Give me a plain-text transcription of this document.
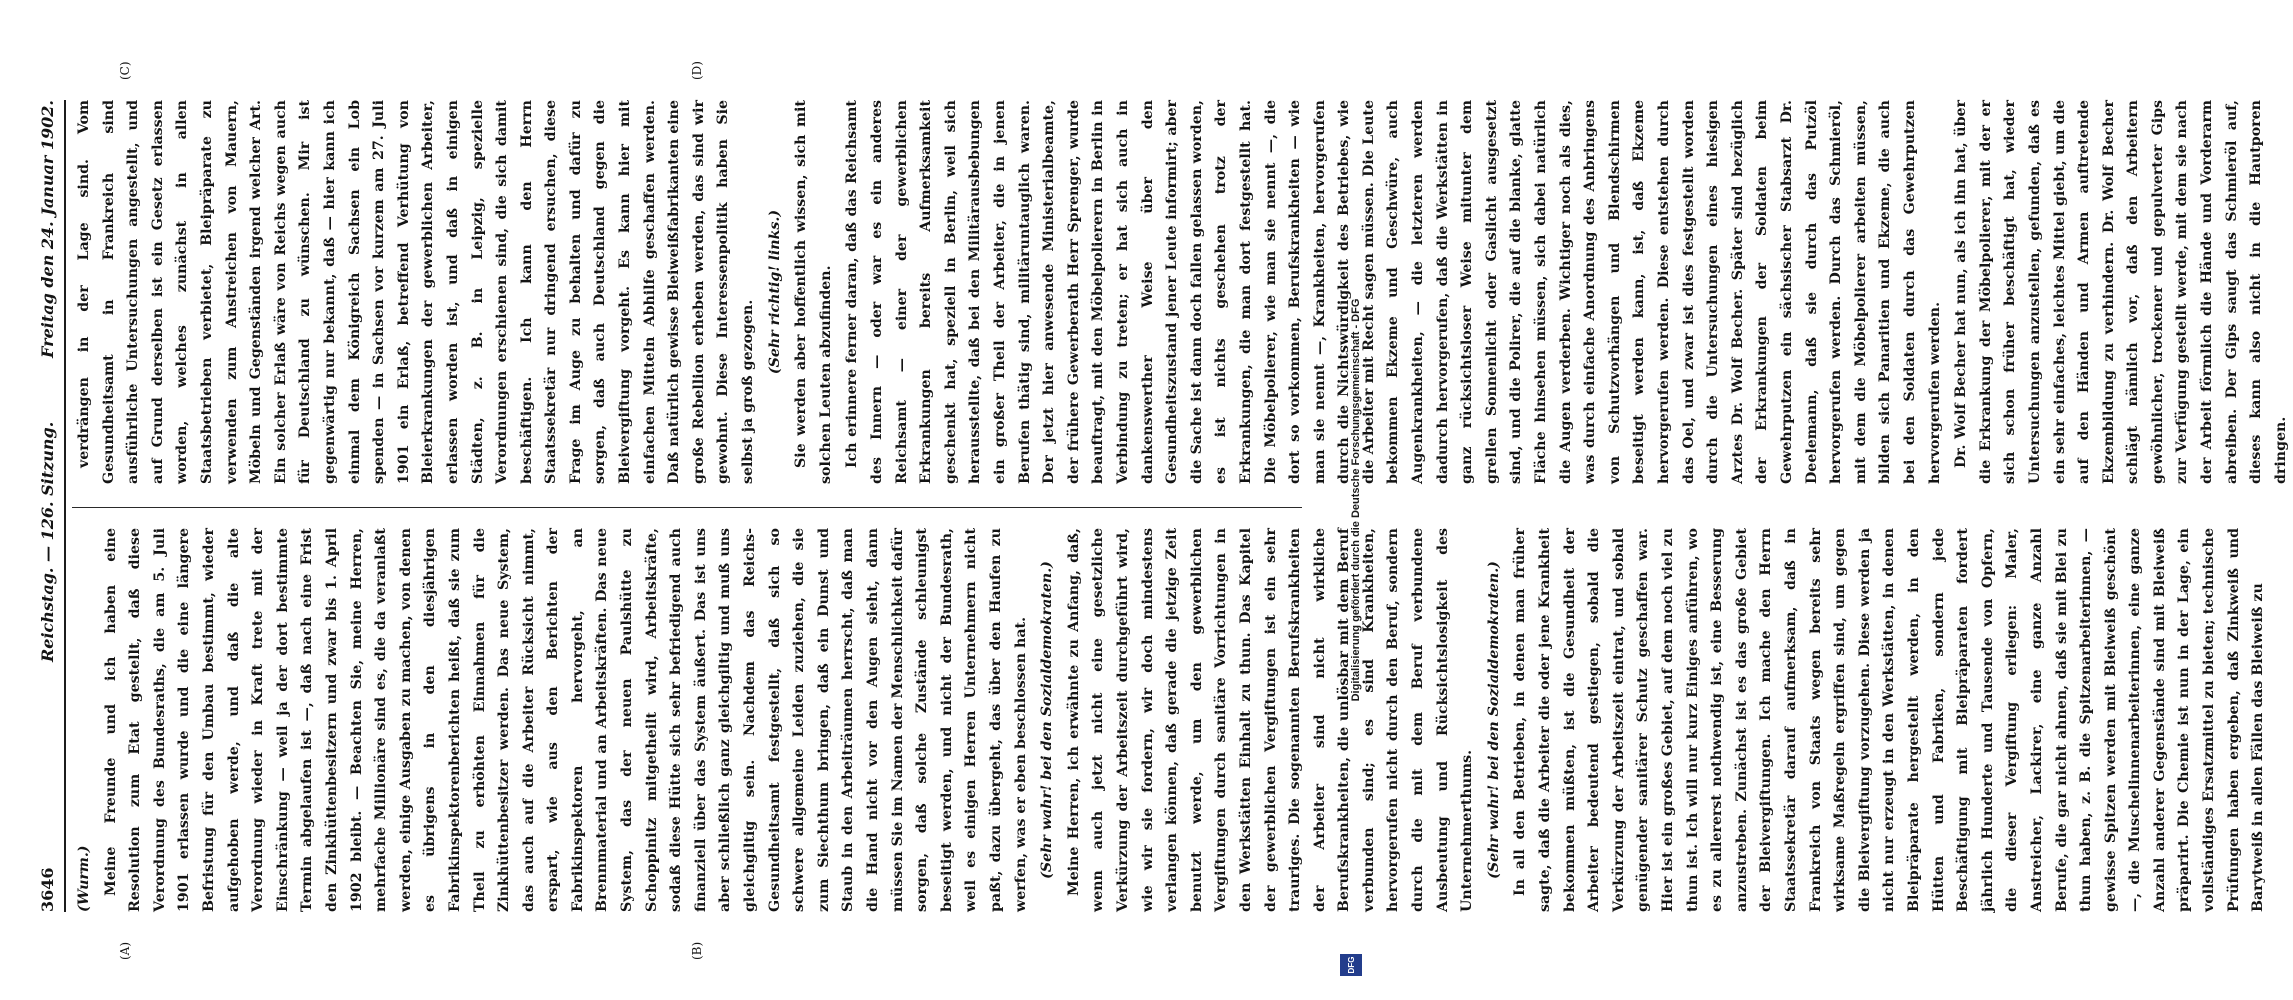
3646
Reichstag. — 126. Sitzung.
Freitag den 24. Januar 1902.
(A)	(B)
(C)	(D)

(Wurm.) Meine Freunde und ich haben eine Resolution zum Etat gestellt, daß diese Verordnung des Bundesraths, die am 5. Juli 1901 erlassen wurde und die eine längere Befristung für den Umbau bestimmt, wieder aufgehoben werde, und daß die alte Verordnung wieder in Kraft trete mit der Einschränkung — weil ja der dort bestimmte Termin abgelaufen ist —, daß nach eine Frist den Zinkhüttenbesitzern und zwar bis 1. April 1902 bleibt. — Beachten Sie, meine Herren, mehrfache Millionäre sind es, die da veranlaßt werden, einige Ausgaben zu machen, von denen es übrigens in den diesjährigen Fabrikinspektorenberichten heißt, daß sie zum Theil zu erhöhten Einnahmen für die Zinkhüttenbesitzer werden. Das neue System, das auch auf die Arbeiter Rücksicht nimmt, erspart, wie aus den Berichten der Fabrikinspektoren hervorgeht, an Brennmaterial und an Arbeitskräften. Das neue System, das der neuen Paulshütte zu Schoppinitz mitgetheilt wird, Arbeitskräfte, sodaß diese Hütte sich sehr befriedigend auch finanziell über das System äußert. Das ist uns aber schließlich ganz gleichgiltig und muß uns gleichgiltig sein. Nachdem das Reichs-Gesundheitsamt festgestellt, daß sich so schwere allgemeine Leiden zuziehen, die sie zum Siechthum bringen, daß ein Dunst und Staub in den Arbeiträumen herrscht, daß man die Hand nicht vor den Augen sieht, dann müssen Sie im Namen der Menschlichkeit dafür sorgen, daß solche Zustände schleunigst beseitigt werden, und nicht der Bundesrath, weil es einigen Herren Unternehmern nicht paßt, dazu übergeht, das über den Haufen zu werfen, was er eben beschlossen hat. (Sehr wahr! bei den Sozialdemokraten.) Meine Herren, ich erwähnte zu Anfang, daß, wenn auch jetzt nicht eine gesetzliche Verkürzung der Arbeitszeit durchgeführt wird, wie wir sie fordern, wir doch mindestens verlangen können, daß gerade die jetzige Zeit benutzt werde, um den gewerblichen Vergiftungen durch sanitäre Vorrichtungen in den Werkstätten Einhalt zu thun. Das Kapitel der gewerblichen Vergiftungen ist ein sehr trauriges. Die sogenannten Berufskrankheiten der Arbeiter sind nicht wirkliche Berufskrankheiten, die unlösbar mit dem Beruf verbunden sind; es sind Krankheiten, hervorgerufen nicht durch den Beruf, sondern durch die mit dem Beruf verbundene Ausbeutung und Rücksichtslosigkeit des Unternehmerthums. (Sehr wahr! bei den Sozialdemokraten.) In all den Betrieben, in denen man früher sagte, daß die Arbeiter die oder jene Krankheit bekommen müßten, ist die Gesundheit der Arbeiter bedeutend gestiegen, sobald die Verkürzung der Arbeitszeit eintrat, und sobald genügender sanitärer Schutz geschaffen war. Hier ist ein großes Gebiet, auf dem noch viel zu thun ist. Ich will nur kurz Einiges anführen, wo es zu allererst nothwendig ist, eine Besserung anzustreben. Zunächst ist es das große Gebiet der Bleivergiftungen. Ich mache den Herrn Staatssekretär darauf aufmerksam, daß in Frankreich von Staats wegen bereits sehr wirksame Maßregeln ergriffen sind, um gegen die Bleivergiftung vorzugehen. Diese werden ja nicht nur erzeugt in den Werkstätten, in denen Bleipräparate hergestellt werden, in den Hütten und Fabriken, sondern jede Beschäftigung mit Bleipräparaten fordert jährlich Hunderte und Tausende von Opfern, die dieser Vergiftung erliegen: Maler, Anstreicher, Lackirer, eine ganze Anzahl Berufe, die gar nicht ahnen, daß sie mit Blei zu thun haben, z. B. die Spitzenarbeiterinnen, — gewisse Spitzen werden mit Bleiweiß geschönt —, die Muschelinnenarbeiterinnen, eine ganze Anzahl anderer Gegenstände sind mit Bleiweiß präparirt. Die Chemie ist nun in der Lage, ein vollständiges Ersatzmittel zu bieten; technische Prüfungen haben ergeben, daß Zinkweiß und Barytweiß in allen Fällen das Bleiweiß zu

verdrängen in der Lage sind. Vom Gesundheitsamt in Frankreich sind ausführliche Untersuchungen angestellt, und auf Grund derselben ist ein Gesetz erlassen worden, welches zunächst in allen Staatsbetrieben verbietet, Bleipräparate zu verwenden zum Anstreichen von Mauern, Möbeln und Gegenständen irgend welcher Art. Ein solcher Erlaß wäre von Reichs wegen auch für Deutschland zu wünschen. Mir ist gegenwärtig nur bekannt, daß — hier kann ich einmal dem Königreich Sachsen ein Lob spenden — in Sachsen vor kurzem am 27. Juli 1901 ein Erlaß, betreffend Verhütung von Bleierkrankungen der gewerblichen Arbeiter, erlassen worden ist, und daß in einigen Städten, z. B. in Leipzig, spezielle Verordnungen erschienen sind, die sich damit beschäftigen. Ich kann den Herrn Staatssekretär nur dringend ersuchen, diese Frage im Auge zu behalten und dafür zu sorgen, daß auch Deutschland gegen die Bleivergiftung vorgeht. Es kann hier mit einfachen Mitteln Abhilfe geschaffen werden. Daß natürlich gewisse Bleiweißfabrikanten eine große Rebellion erheben werden, das sind wir gewohnt. Diese Interessenpolitik haben Sie selbst ja groß gezogen.

(Sehr richtig! links.) Sie werden aber hoffentlich wissen, sich mit solchen Leuten abzufinden. Ich erinnere ferner daran, daß das Reichsamt des Innern — oder war es ein anderes Reichsamt — einer der gewerblichen Erkrankungen bereits Aufmerksamkeit geschenkt hat, speziell in Berlin, weil sich herausstellte, daß bei den Militärausbebungen ein großer Theil der Arbeiter, die in jenen Berufen thätig sind, militäruntauglich waren. Der jetzt hier anwesende Ministerialbeamte, der frühere Gewerberath Herr Sprenger, wurde beauftragt, mit den Möbelpolierern in Berlin in Verbindung zu treten; er hat sich auch in dankenswerther Weise über den Gesundheitszustand jener Leute informirt; aber die Sache ist dann doch fallen gelassen worden, es ist nichts geschehen trotz der Erkrankungen, die man dort festgestellt hat. Die Möbelpolierer, wie man sie nennt —, die dort so vorkommen, Berufskrankheiten — wie man sie nennt —, Krankheiten, hervorgerufen durch die Nichtswürdigkeit des Betriebes, wie die Arbeiter mit Recht sagen müssen. Die Leute bekommen Ekzeme und Geschwüre, auch Augenkrankheiten, — die letzteren werden dadurch hervorgerufen, daß die Werkstätten in ganz rücksichtsloser Weise mitunter dem grellen Sonnenlicht oder Gaslicht ausgesetzt sind, und die Polirer, die auf die blanke, glatte Fläche hinsehen müssen, sich dabei natürlich die Augen verderben. Wichtiger noch als dies, was durch einfache Anordnung des Anbringens von Schutzvorhängen und Blendschirmen beseitigt werden kann, ist, daß Ekzeme hervorgerufen werden. Diese entstehen durch das Oel, und zwar ist dies festgestellt worden durch die Untersuchungen eines hiesigen Arztes Dr. Wolf Becher. Später sind bezüglich der Erkrankungen der Soldaten beim Gewehrputzen ein sächsischer Stabsarzt Dr. Deelemann, daß sie durch das Putzöl hervorgerufen werden. Durch das Schmieröl, mit dem die Möbelpolierer arbeiten müssen, bilden sich Panaritien und Ekzeme, die auch bei den Soldaten durch das Gewehrputzen hervorgerufen werden. Dr. Wolf Becher hat nun, als ich ihn hat, über die Erkrankung der Möbelpolierer, mit der er sich schon früher beschäftigt hat, wieder Untersuchungen anzustellen, gefunden, daß es ein sehr einfaches, leichtes Mittel giebt, um die auf den Händen und Armen auftretende Ekzembildung zu verhindern. Dr. Wolf Becher schlägt nämlich vor, daß den Arbeitern gewöhnlicher, trockener und gepulverter Gips zur Verfügung gestellt werde, mit dem sie nach der Arbeit förmlich die Hände und Vorderarm abreiben. Der Gips saugt das Schmieröl auf, dieses kann also nicht in die Hautporen dringen.

DFG
Digitalisierung gefördert durch die Deutsche Forschungsgemeinschaft - DFG
